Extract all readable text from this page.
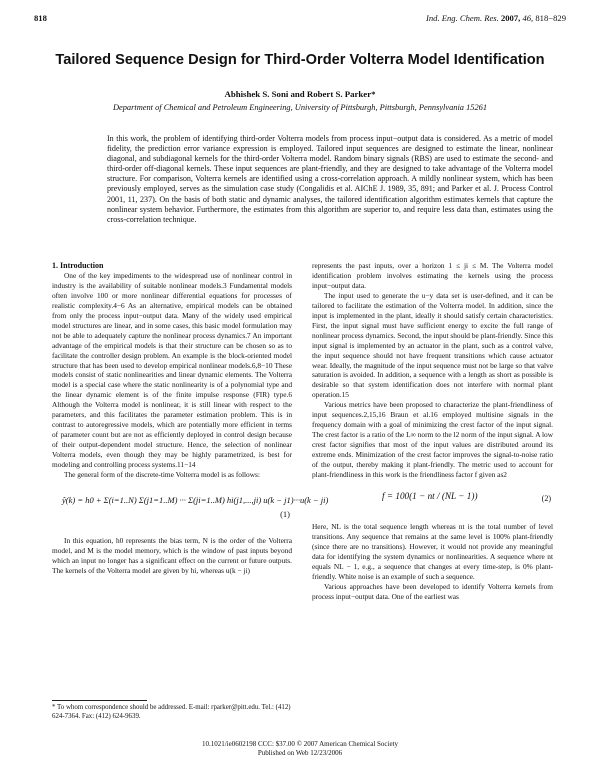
818	Ind. Eng. Chem. Res. 2007, 46, 818−829
Tailored Sequence Design for Third-Order Volterra Model Identification
Abhishek S. Soni and Robert S. Parker*
Department of Chemical and Petroleum Engineering, University of Pittsburgh, Pittsburgh, Pennsylvania 15261
In this work, the problem of identifying third-order Volterra models from process input−output data is considered. As a metric of model fidelity, the prediction error variance expression is employed. Tailored input sequences are designed to estimate the linear, nonlinear diagonal, and subdiagonal kernels for the third-order Volterra model. Random binary signals (RBS) are used to estimate the second- and third-order off-diagonal kernels. These input sequences are plant-friendly, and they are designed to take advantage of the Volterra model structure. For comparison, Volterra kernels are identified using a cross-correlation approach. A mildly nonlinear system, which has been previously employed, serves as the simulation case study (Congalidis et al. AIChE J. 1989, 35, 891; and Parker et al. J. Process Control 2001, 11, 237). On the basis of both static and dynamic analyses, the tailored identification algorithm estimates kernels that capture the nonlinear system behavior. Furthermore, the estimates from this algorithm are superior to, and require less data than, estimates using the cross-correlation technique.

1. Introduction

One of the key impediments to the widespread use of nonlinear control in industry is the availability of suitable nonlinear models.3 Fundamental models often involve 100 or more nonlinear differential equations for processes of realistic complexity.4−6 As an alternative, empirical models can be obtained from only the process input−output data. Many of the widely used empirical model structures are linear, and in some cases, this basic model formulation may not be able to adequately capture the nonlinear process dynamics.7 An important advantage of the empirical models is that their structure can be chosen so as to facilitate the controller design problem. An example is the block-oriented model structure that has been used to develop empirical nonlinear models.6,8−10 These models consist of static nonlinearities and linear dynamic elements. The Volterra model is a special case where the static nonlinearity is of a polynomial type and the linear dynamic element is of the finite impulse response (FIR) type.6 Although the Volterra model is nonlinear, it is still linear with respect to the parameters, and this facilitates the parameter estimation problem. This is in contrast to autoregressive models, which are potentially more efficient in terms of parameter count but are not as efficiently deployed in control design because of their output-dependent model structure. Hence, the selection of nonlinear Volterra models, even though they may be highly parametrized, is best for modeling and controlling process systems.11−14

The general form of the discrete-time Volterra model is as follows:

ŷ(k) = h0 + Σ(i=1..N) Σ(j1=1..M) ··· Σ(ji=1..M) hi(j1,...,ji) u(k − j1)···u(k − ji)
(1)

In this equation, h0 represents the bias term, N is the order of the Volterra model, and M is the model memory, which is the window of past inputs beyond which an input no longer has a significant effect on the current or future outputs. The kernels of the Volterra model are given by hi, whereas u(k − ji)

represents the past inputs, over a horizon 1 ≤ ji ≤ M. The Volterra model identification problem involves estimating the kernels using the process input−output data.

The input used to generate the u−y data set is user-defined, and it can be tailored to facilitate the estimation of the Volterra model. In addition, since the input is implemented in the plant, ideally it should satisfy certain characteristics. First, the input signal must have sufficient energy to excite the full range of nonlinear process dynamics. Second, the input should be plant-friendly. Since this input signal is implemented by an actuator in the plant, such as a control valve, the input sequence should not have frequent transitions which cause actuator wear. Ideally, the magnitude of the input sequence must not be large so that valve saturation is avoided. In addition, a sequence with a length as short as possible is desirable so that system identification does not interfere with normal plant operation.15

Various metrics have been proposed to characterize the plant-friendliness of input sequences.2,15,16 Braun et al.16 employed multisine signals in the frequency domain with a goal of minimizing the crest factor of the input signal. The crest factor is a ratio of the L∞ norm to the l2 norm of the input signal. A low crest factor signifies that most of the input values are distributed around its extreme ends. Minimization of the crest factor improves the signal-to-noise ratio of the output, thereby making it plant-friendly. The metric used to account for plant-friendliness in this work is the friendliness factor f given as2

f = 100(1 − nt / (NL − 1))	(2)

Here, NL is the total sequence length whereas nt is the total number of level transitions. Any sequence that remains at the same level is 100% plant-friendly (since there are no transitions). However, it would not provide any meaningful data for identifying the system dynamics or nonlinearities. A sequence where nt equals NL − 1, e.g., a sequence that changes at every time-step, is 0% plant-friendly. White noise is an example of such a sequence.

Various approaches have been developed to identify Volterra kernels from process input−output data. One of the earliest was

* To whom correspondence should be addressed. E-mail: rparker@pitt.edu. Tel.: (412) 624-7364. Fax: (412) 624-9639.
10.1021/ie0602198 CCC: $37.00 © 2007 American Chemical Society
Published on Web 12/23/2006
